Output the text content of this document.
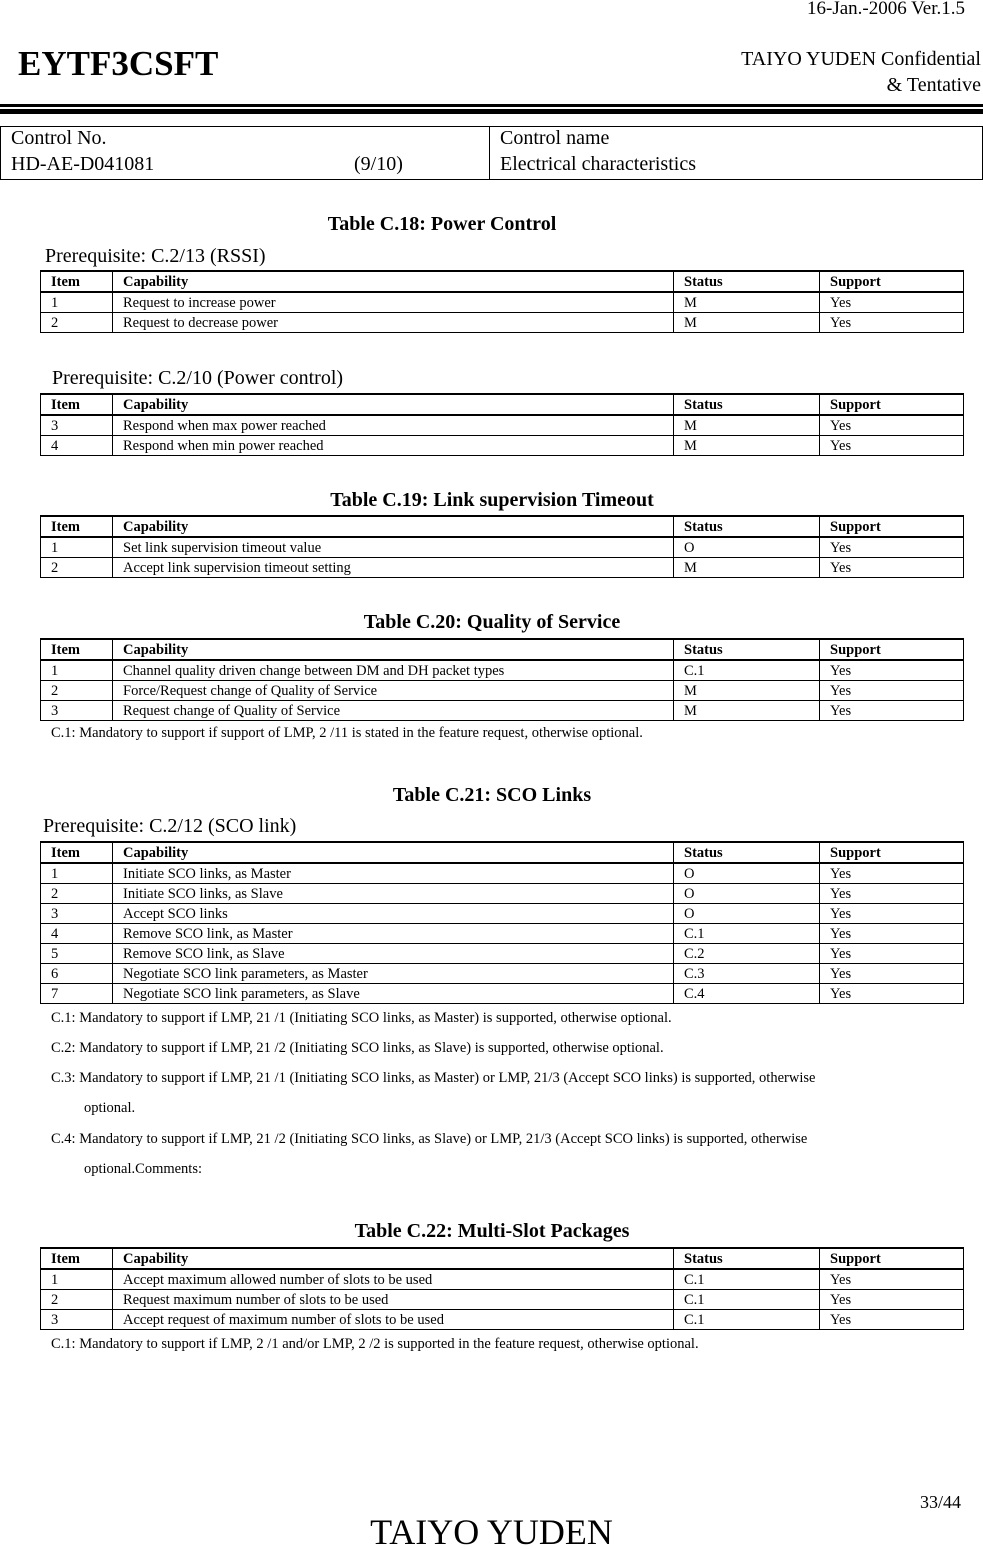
16-Jan.-2006 Ver.1.5
EYTF3CSFT	TAIYO YUDEN Confidential
& Tentative
Control No.
HD-AE-D041081	(9/10)
Control name
Electrical characteristics
Table C.18: Power Control
Prerequisite: C.2/13 (RSSI)
Item	Capability	Status	Support
1	Request to increase power	M	Yes
2	Request to decrease power	M	Yes
Prerequisite: C.2/10 (Power control)
Item	Capability	Status	Support
3	Respond when max power reached	M	Yes
4	Respond when min power reached	M	Yes
Table C.19: Link supervision Timeout
Item	Capability	Status	Support
1	Set link supervision timeout value	O	Yes
2	Accept link supervision timeout setting	M	Yes
Table C.20: Quality of Service
Item	Capability	Status	Support
1	Channel quality driven change between DM and DH packet types	C.1	Yes
2	Force/Request change of Quality of Service	M	Yes
3	Request change of Quality of Service	M	Yes
C.1: Mandatory to support if support of LMP, 2 /11 is stated in the feature request, otherwise optional.
Table C.21: SCO Links
Prerequisite: C.2/12 (SCO link)
Item	Capability	Status	Support
1	Initiate SCO links, as Master	O	Yes
2	Initiate SCO links, as Slave	O	Yes
3	Accept SCO links	O	Yes
4	Remove SCO link, as Master	C.1	Yes
5	Remove SCO link, as Slave	C.2	Yes
6	Negotiate SCO link parameters, as Master	C.3	Yes
7	Negotiate SCO link parameters, as Slave	C.4	Yes
C.1: Mandatory to support if LMP, 21 /1 (Initiating SCO links, as Master) is supported, otherwise optional.
C.2: Mandatory to support if LMP, 21 /2 (Initiating SCO links, as Slave) is supported, otherwise optional.
C.3: Mandatory to support if LMP, 21 /1 (Initiating SCO links, as Master) or LMP, 21/3 (Accept SCO links) is supported, otherwise
optional.
C.4: Mandatory to support if LMP, 21 /2 (Initiating SCO links, as Slave) or LMP, 21/3 (Accept SCO links) is supported, otherwise
optional.Comments:
Table C.22: Multi-Slot Packages
Item	Capability	Status	Support
1	Accept maximum allowed number of slots to be used	C.1	Yes
2	Request maximum number of slots to be used	C.1	Yes
3	Accept request of maximum number of slots to be used	C.1	Yes
C.1: Mandatory to support if LMP, 2 /1 and/or LMP, 2 /2 is supported in the feature request, otherwise optional.
33/44
TAIYO YUDEN
